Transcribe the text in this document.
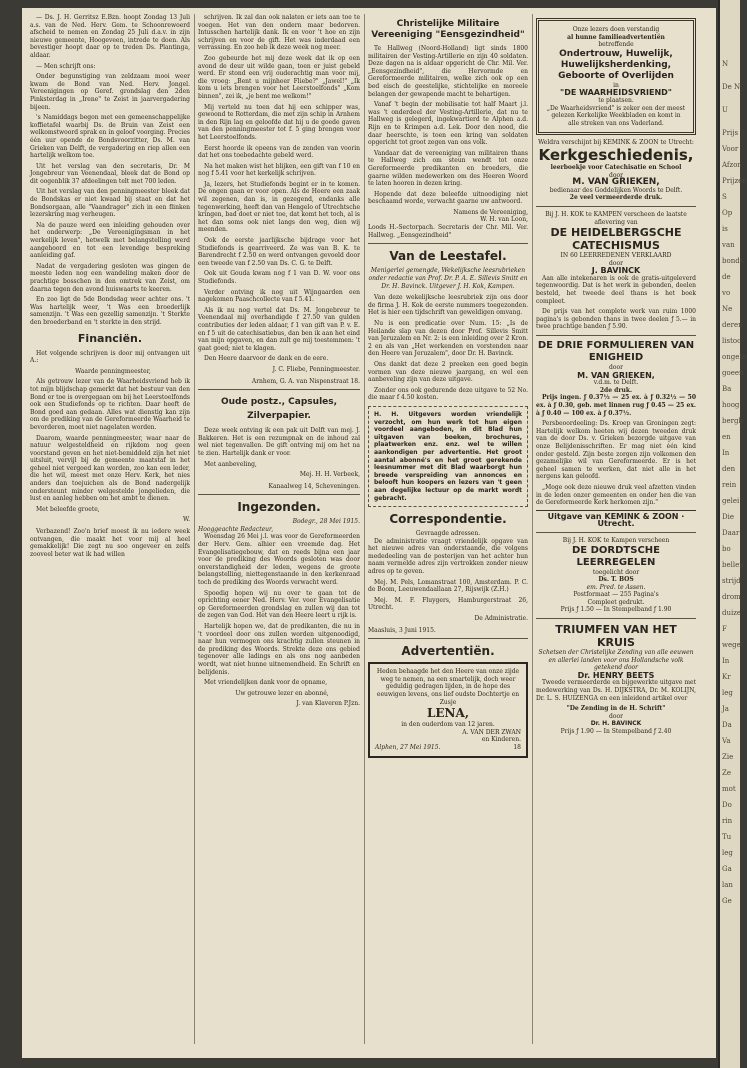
— Ds. J. H. Gerritsz E.Bzn. hoopt Zondag 13 Juli a.s. van de Ned. Herv. Gem. te Schoonrewoerd afscheid te nemen en Zondag 25 Juli d.a.v. in zijn nieuwe gemeente, Hoogeveen, intrede te doen. Als bevestiger hoopt daar op te treden Ds. Plantinga, aldaar.

— Men schrijft ons:

Onder begunstiging van zeldzaam mooi weer kwam de Bond van Ned. Herv. Jongel. Vereenigingen op Geref. grondslag den 2den Pinksterdag in „Irene" te Zeist in jaarvergadering bijeen.

's Namiddags begon met een gemeenschappelijke koffietafel waarbij Ds. de Bruin van Zeist een welkomstwoord sprak en in geloof voorging. Precies één uur opende de Bondsvoorzitter, Ds. M. van Grieken van Delft, de vergadering en riep allen een hartelijk welkom toe.

Uit het verslag van den secretaris, Dr. M Jongebreur van Veenendaal, bleek dat de Bond op dit oogenblik 37 afdeelingen telt met 700 leden.

Uit het verslag van den penningmeester bleek dat de Bondskas er niet kwaad bij staat en dat het Bondsorgaan, alle "Vaandrager" zich in een flinken lezerskring mag verheugen.

Na de pauze werd een inleiding gehouden over het onderwerp: „De Vereenigingsman in het werkelijk leven", hetwelk met belangstelling werd aangehoord en tot een levendige bespreking aanleiding gaf.

Nadat de vergadering gesloten was gingen de meeste leden nog een wandeling maken door de prachtige bosschen in den omtrek van Zeist, om daarna tegen den avond huiswaarts te keeren.

En zoo ligt de 5de Bondsdag weer achter ons. 't Was hartelijk weer, 't Was een broederlijk samenzijn. 't Was een gezellig samenzijn. 't Sterkte den broederband en 't sterkte in den strijd.

Financiën.

Het volgende schrijven is door mij ontvangen uit A.:

Waarde penningmeester,

Als getrouw lezer van de Waarheidsvriend heb ik tot mijn blijdschap gemerkt dat het bestuur van den Bond er toe is overgegaan om bij het Leerstoelfonds ook een Studiefonds op te richten. Daar heeft de Bond goed aan gedaan. Alles wat dienstig kan zijn om de prediking van de Gereformeerde Waarheid te bevorderen, moet niet nagelaten worden.

Daarom, waarde penningmeester, waar naar de natuur welgesteldheid en rijkdom nog geen voorstand geven en het niet-bemiddeld zijn het niet uitsluit, vervijl bij de gemeente maatstaf in het geheel niet vergoed kan worden, zoo kan een leder, die het wil, meest met onze Herv. Kerk, het nies anders dan toejuichen als de Bond nadergelijk ondersteunt minder welgestelde jongelieden, die lust en aanleg hebben om het ambt te dienen.

Met beleefde groete,

W.

Verbazend! Zoo'n brief moest ik nu iedere week ontvangen, die maakt het voor mij al heel gemakkelijk! Die zegt nu soo ongeveer en zelfs zooveel beter wat ik had willen

schrijven. Ik zal dan ook nalaten er iets aan toe te voegen. Het van den ondern maar bedorven. Intusschen hartelijk dank. Ik en voor 't hoe en zijn schrijven en voor de gift. Het was inderdaad een verrassing. En zoo heb ik deze week nog meer.

Zoo gebeurde het mij deze week dat ik op een avond de deur uit wilde gaan, toen er juist gebeld werd. Er stond een vrij ouderachtig man voor mij, die vroeg: „Bent u mijnheer Fliebe?" „Jawel!" „Ik kom u iets brengen voor het Leerstoelfonds" „Kom binnen", zei ik, „je bent me welkom!"

Mij verteld nu toen dat hij een schipper was, gewoond te Rotterdam, die met zijn schip in Arnhem in den Rijn lag en geloofde dat hij u de goede gaven van den penningmeester tot f. 5 ging brengen voor het Leerstoelfonds.

Eerst hoorde ik opeens van de zenden van voorin dat het ons toebedachte gebeld werd.

Na het maken wist het blijken, een gift van f 10 en nog f 5.41 voor het kerkelijk schrijven.

Ja, lezers, het Studiefonds begint er in te komen. De ongen gaan er voor open. Als de Heere een zaak wil zegenen, dan is, in gezegend, endanks alle tegenwerking, heeft dan van Hengelo of Utrechtsche kringen, bad doet er niet toe, dat komt het toch, al is het dan soms ook niet langs den weg, dien wij meenden.

Ook de eerste jaarlijksche bijdrage voor het Studiefonds is gearriveerd. Ze was van B. K. te Barendrecht f 2.50 en werd ontvangen gevoeld door een tweede van f 2.50 van Ds. C. G. te Delft.

Ook uit Gouda kwam nog f 1 van D. W. voor ons Studiefonds.

Verder ontving ik nog uit Wijngaarden een nagekomen Paaschcollecte van f 5.41.

Als ik nu nog vertel dat Ds. M. Jongebreur te Veenendaal mij overhandigde f 27.50 van gulden contributies der leden aldaar, f 1 van gift van P. v. E. en f 5 uit de catechisatiebus, dan ben ik aan het eind van mijn opgaven, en dan zult ge mij toestemmen: 't gaat goed; niet te klagen.

Den Heere daarvoor de dank en de eere.

J. C. Fliebe, Penningmeester.
Arnhem, G. A. van Nispenstraat 18.
Oude postz., Capsules, Zilverpapier.

Deze week ontving ik een pak uit Delft van mej. J. Bakkeren. Het is een rezumpnak en de inhoud zal wel niet tegenvallen. De gift ontving mij om het na te zien. Hartelijk dank er voor.

Met aanbeveling,

Mej. H. H. Verbeek,
Kanaalweg 14, Scheveningen.
Ingezonden.
Bodegr., 28 Mei 1915.
Hooggeachte Redacteur,

Woensdag 26 Mei j.l. was voor de Gereformeerden der Herv. Gem. alhier een vreemde dag. Het Evangelisatiegebouw, dat en reeds bijna een jaar voor de prediking des Woords gesloten was door onverstandigheid der leden, wegens de groote belangstelling, niettegenstaande in den kerkenraad toch de prediking des Woords verwacht werd.

Spoedig hopen wij nu over te gaan tot de oprichting eener Ned. Herv. Ver. voor Evangelisatie op Gereformeerden grondslag en zullen wij dan tot de zegen van God. Het van den Heere leert u rijk is.

Hartelijk hopen we, dat de predikanten, die nu in 't voordeel door ons zullen worden uitgenoodigd, naar hun vermogen ons krachtig zullen steunen in de prediking des Woords. Strekte deze ons gebied tegenover alle ladings en als ons nog aanbeden wordt, wat niet hunne uitnemendheid. En Schrift en belijdenis.

Met vriendelijken dank voor de opname,

Uw getrouwe lezer en abonné,

J. van Klaveren P.Jzn.
Christelijke Militaire Vereeniging "Eensgezindheid"

Te Hallweg (Noord-Holland) ligt sinds 1800 militairen der Vesting-Artillerie en zijn 40 soldaten. Deze dagen na is aldaar opgericht de Chr. Mil. Ver. „Eensgezindheid", die Hervormde en Gereformeerde militairen, welke zich ook op een bed eisch de geestelijke, stichtelijke en moreele belangen der gewapende macht te behartigen.

Vanaf 't begin der mobilisatie tot half Maart j.l. was 't onderdeel der Vesting-Artillerie, dat nu te Hallweg is gelegerd, ingekwartierd te Alphen a.d. Rijn en te Krimpen a.d. Lek. Door den nood, die daar heerschte, is toen een kring van soldaten opgericht tot groot zegen van ons volk.

Vandaar dat de vereeniging van militairen thans te Hallweg zich om steun wendt tot onze Gereformeerde predikanten en broeders, die gaarne wilden medewerken om des Heeren Woord te laten hooren in dezen kring.

Hopende dat deze beleefde uitnoodiging niet beschaamd worde, verwacht gaarne uw antwoord.

Namens de Vereeniging,
W. H. van Loon,
Loods H.-Sectorpach. Secretaris der Chr. Mil. Ver. Hallweg. „Eensgezindheid"
Van de Leestafel.
Menigerlei gemengde, Wekelijksche leesrubrieken onder redactie van Prof. Dr. P. A. E. Sillevis Smitt en Dr. H. Bavinck. Uitgever J. H. Kok, Kampen.

Van deze wekelijksche leesrubriek zijn ons door de firma J. H. Kok de eerste nummers toegezonden. Het is hier een tijdschrift van geweldigen omvang.

Nu is een predicatie over Num. 15: „Is de Heilande slap van dezen door Prof. Sillevis Smitt van Jeruzalem en Nr. 2: is een inleiding over 2 Kron. 2 en als van „Het werkenden en vorstenden naar den Heere van Jeruzalem", door Dr. H. Bavinck.

Ons dankt dat deze 2 preeken een goed begin vormen van deze nieuwe jaargang, en wel een aanbeveling zijn van deze uitgave.

Zonder ons ook gedurende deze uitgave te 52 No. die maar f 4.50 kosten.

H. H. Uitgevers worden vriendelijk verzocht, om hun werk tot hun eigen voordeel aangeboden, in dit Blad hun uitgaven van boeken, brochures, plaatwerken enz. enz. wel te willen aankondigen per advertentie. Het groot aantal abonné's en het groot gerekende leesnummer met dit Blad waarborgt hun breede verspreiding van annonces en belooft hun koopers en lezers van 't geen aan degelijke lectuur op de markt wordt gebracht.
Correspondentie.
Gevraagde adressen.

De administratie vraagt vriendelijk opgave van het nieuwe adres van onderstaande, die volgens mededeeling van de posterijen van het achter hun naam vermelde adres zijn vertrokken zonder nieuw adres op te geven.

Mej. M. Pels, Lomanstraat 100, Amsterdam. P. C. de Boom, Leeuwendaallaan 27, Rijswijk (Z.H.)

Mej. M. F. Fluygers, Hamburgerstraat 26, Utrecht.

De Administratie.
Maasluis, 3 Juni 1915.
Advertentiën.
Heden behaagde het den Heere van onze zijde weg te nemen, na een smartelijk, doch weer geduldig gedragen lijden, in de hope des eeuwigen levens, ons lief oudste Dochtertje en Zusje
LENA,
in den ouderdom van 12 jaren.
A. VAN DER ZWAN
en Kinderen.
Alphen, 27 Mei 1915.	18
Onze lezers doen verstandig
al hunne familieadvertentiën
betreffende
Ondertrouw, Huwelijk, Huwelijksherdenking, Geboorte of Overlijden
in
"DE WAARHEIDSVRIEND"
te plaatsen.
„De Waarheidsvriend" is zeker een der meest gelezen Kerkelijke Weekbladen en komt in alle streken van ons Vaderland.
Weldra verschijnt bij KEMINK & ZOON te Utrecht:
Kerkgeschiedenis,
leerboekje voor Catechisatie en School
door
M. VAN GRIEKEN,
bedienaar des Goddelijken Woords te Delft.
2e veel vermeerderde druk.
Bij J. H. KOK te KAMPEN verscheen de laatste aflevering van
DE HEIDELBERGSCHE CATECHISMUS
IN 60 LEERREDENEN VERKLAARD
door
J. BAVINCK

Aan alle intekenaren is ook de gratis-uitgeleverd tegenwoordig. Dat is het werk in gebonden, deelen besteld, het tweede deel thans is het boek compleet.

De prijs van het complete werk van ruim 1000 pagina's is gebonden thans in twee deelen ƒ 5.— in twee prachtige banden ƒ 5.90.

DE DRIE FORMULIEREN VAN ENIGHEID
door
M. VAN GRIEKEN,
v.d.m. te Delft.
2de druk.

Prijs ingen. ƒ 0.37½ — 25 ex. à ƒ 0.32½ — 50 ex. à ƒ 0.30, geb. met linnen rug ƒ 0.45 — 25 ex. à ƒ 0.40 — 100 ex. à ƒ 0.37½.

Persbeoordeeling: Ds. Kroep van Groningen zegt: Hartelijk welkom heeten wij dezen tweeden druk van de door Ds. v. Grieken bezorgde uitgave van onze Belijdenisschriften. Er mag niet één kind onder gesteld. Zijn beste zorgen zijn volkomen den gezamelijke wil van Gereformeerde. Er is het geheel samen te werken, dat niet alle in het nergens kan geloofd.

„Moge ook deze nieuwe druk veel afzetten vinden in de leden onzer gemeenten en onder hen die van de Gereformeerde Kerk herkomen zijn."

Uitgave van KEMINK & ZOON · Utrecht.
Bij J. H. KOK te Kampen verscheen
DE DORDTSCHE LEERREGELEN
toegelicht door
Ds. T. BOS
em. Pred. te Assen.
Postformaat — 255 Pagina's
Compleet gedrukt.
Prijs ƒ 1.50 — In Stempelband ƒ 1.90
TRIUMFEN VAN HET KRUIS
Schetsen der Christelijke Zending van alle eeuwen en allerlei landen voor ons Hollandsche volk getekend door
Dr. HENRY BEETS

Tweede vermeerderde en bijgewerkte uitgave met medewerking van Ds. H. DIJKSTRA, Dr. M. KOLIJN, Dr. L. S. HUIZENGA en een inleidend artikel over

"De Zending in de H. Schrift"
door
Dr. H. BAVINCK
Prijs ƒ 1.90 — In Stempelband ƒ 2.40
N
De N
U
Prijs
Voor
Afzon
Prijzen
S
Op
is
van
bonds
de
vo
Ne
deren
listoc
ongelo
goeen
Ba
hoog
bergh
en
In
den
rein
gelei
Die
Daar
bo
bellen
strijd
drom
duize
F
wegel
In
Kr
leg
Ja
Da
Va
Zie
Ze
mot
Do
rin
Tu
leg
Ga
lan
Ge
